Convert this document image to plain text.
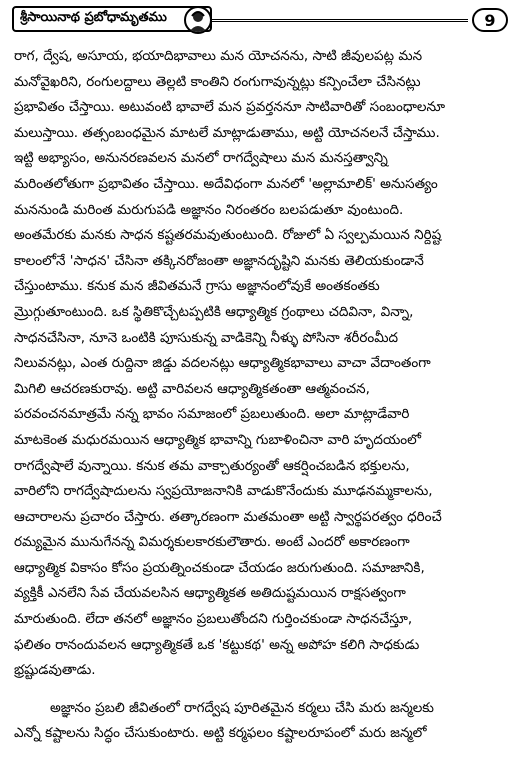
శ్రీసాయినాథ ప్రబోధామృతము	9
రాగ, ద్వేష, అసూయ, భయాదిభావాలు మన యోచనను, సాటి జీవులపట్ల మన
మనోవైఖరిని, రంగులద్దాలు తెల్లటి కాంతిని రంగుగావున్నట్లు కన్పించేలా చేసినట్లు
ప్రభావితం చేస్తాయి. అటువంటి భావాలే మన ప్రవర్తననూ సాటివారితో సంబంధాలనూ
మలుస్తాయి. తత్సంబంధమైన మాటలే మాట్లాడుతాము, అట్టి యోచనలనే చేస్తాము.
ఇట్టి అభ్యాసం, అనునరణవలన మనలో రాగద్వేషాలు మన మనస్తత్వాన్ని
మరింతలోతుగా ప్రభావితం చేస్తాయి. అదేవిధంగా మనలో 'అల్లామాలిక్' అనుసత్యం
మననుండి మరింత మరుగుపడి అజ్ఞానం నిరంతరం బలపడుతూ వుంటుంది.
అంతమేరకు మనకు సాధన కష్టతరమవుతుంటుంది. రోజులో ఏ స్వల్పమయిన నిర్దిష్ట
కాలంలోనే 'సాధన' చేసినా తక్కినరోజంతా అజ్ఞానదృష్టిని మనకు తెలియకుండానే
చేస్తుంటాము. కనుక మన జీవితమనే గ్రాసు అజ్ఞానంలోవుకే అంతకంతకు
మ్రొగ్గుతూంటుంది. ఒక స్థితికొచ్చేటప్పటికి ఆధ్యాత్మిక గ్రంథాలు చదివినా, విన్నా,
సాధనచేసినా, నూనె ఒంటికి పూసుకున్న వాడికెన్ని నీళ్ళు పోసినా శరీరంమీద
నిలువనట్లు, ఎంత రుద్దినా జిడ్డు వదలనట్లు ఆధ్యాత్మికభావాలు వాచా వేదాంతంగా
మిగిలి ఆచరణకురావు. అట్టి వారివలన ఆధ్యాత్మికతంతా ఆత్మవంచన,
పరవంచనమాత్రమే నన్న భావం సమాజంలో ప్రబలుతుంది. అలా మాట్లాడేవారి
మాటకెంత మధురమయిన ఆధ్యాత్మిక భావాన్ని గుబాళించినా వారి హృదయంలో
రాగద్వేషాలే వున్నాయి. కనుక తమ వాక్చాతుర్యంతో ఆకర్షించబడిన భక్తులను,
వారిలోని రాగద్వేషాదులను స్వప్రయోజనానికి వాడుకొనేందుకు మూఢనమ్మకాలను,
ఆచారాలను ప్రచారం చేస్తారు. తత్కారణంగా మతమంతా అట్టి స్వార్థపరత్వం ధరించే
రమ్యమైన మునుగేనన్న విమర్శకులకారకులౌతారు. అంటే ఎందరో అకారణంగా
ఆధ్యాత్మిక వికాసం కోసం ప్రయత్నించకుండా చేయడం జరుగుతుంది. సమాజానికి,
వ్యక్తికీ ఎనలేని సేవ చేయవలసిన ఆధ్యాత్మికత అతిదుష్టమయిన రాక్షసత్వంగా
మారుతుంది. లేదా తనలో అజ్ఞానం ప్రబలుతోందని గుర్తించకుండా సాధనచేస్తూ,
ఫలితం రానందువలన ఆధ్యాత్మికతే ఒక 'కట్టుకథ' అన్న అపోహ కలిగి సాధకుడు
భ్రష్టుడవుతాడు.
అజ్ఞానం ప్రబలి జీవితంలో రాగద్వేష పూరితమైన కర్మలు చేసి మరు జన్మలకు
ఎన్నో కష్టాలను సిద్ధం చేసుకుంటారు. అట్టి కర్మఫలం కష్టాలరూపంలో మరు జన్మలో
